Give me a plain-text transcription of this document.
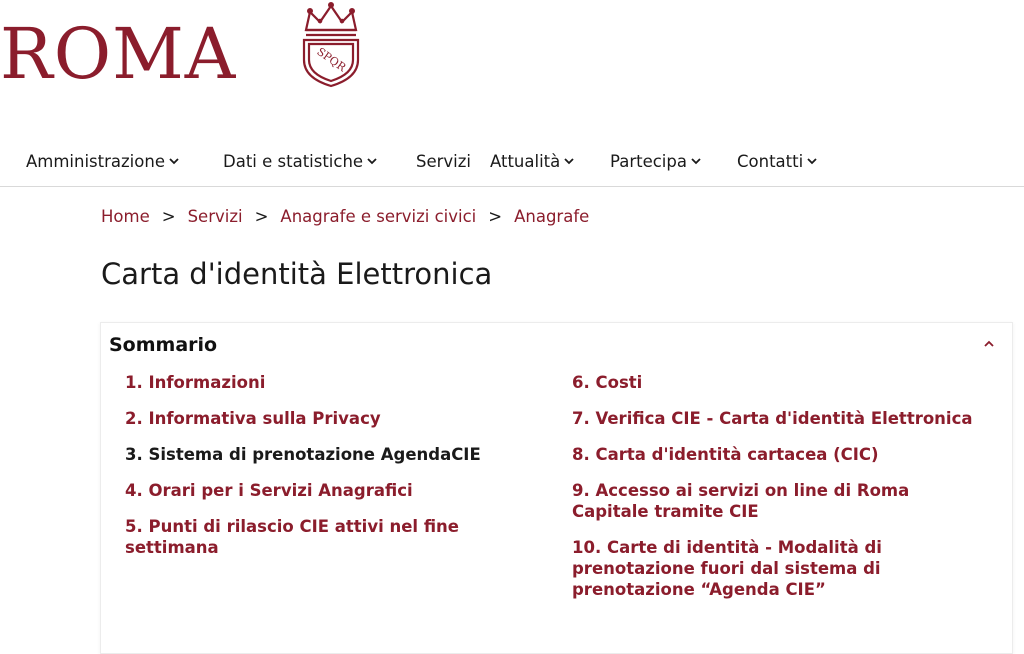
ROMA	SPQR
Amministrazione	Dati e statistiche	Servizi Attualità	Partecipa	Contatti
Home > Servizi > Anagrafe e servizi civici > Anagrafe
Carta d'identità Elettronica
Sommario
1. Informazioni
2. Informativa sulla Privacy
3. Sistema di prenotazione AgendaCIE
4. Orari per i Servizi Anagrafici
5. Punti di rilascio CIE attivi nel fine settimana
6. Costi
7. Verifica CIE - Carta d'identità Elettronica
8. Carta d'identità cartacea (CIC)
9. Accesso ai servizi on line di Roma Capitale tramite CIE
10. Carte di identità - Modalità di prenotazione fuori dal sistema di prenotazione “Agenda CIE”
